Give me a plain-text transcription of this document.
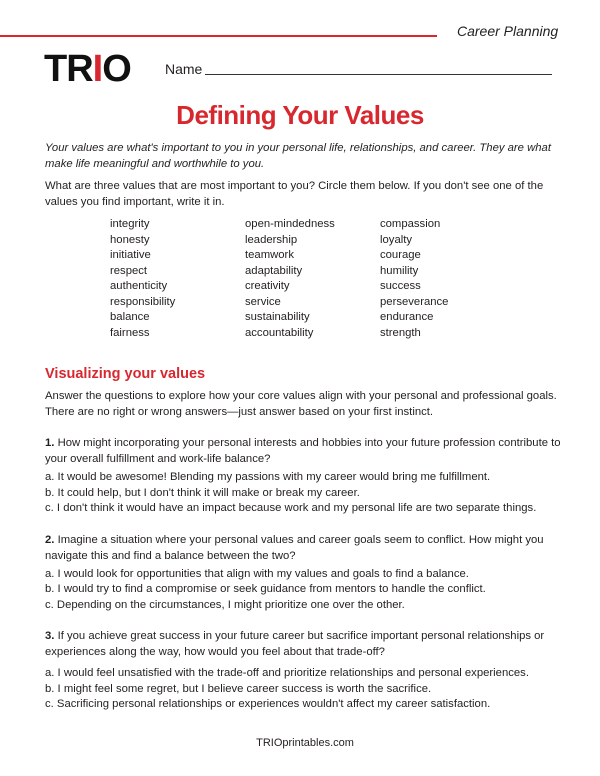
Career Planning
TRIO Name
Defining Your Values
Your values are what's important to you in your personal life, relationships, and career. They are what make life meaningful and worthwhile to you.
What are three values that are most important to you? Circle them below. If you don't see one of the values you find important, write it in.
integrity
honesty
initiative
respect
authenticity
responsibility
balance
fairness
open-mindedness
leadership
teamwork
adaptability
creativity
service
sustainability
accountability
compassion
loyalty
courage
humility
success
perseverance
endurance
strength
Visualizing your values
Answer the questions to explore how your core values align with your personal and professional goals. There are no right or wrong answers—just answer based on your first instinct.
1. How might incorporating your personal interests and hobbies into your future profession contribute to your overall fulfillment and work-life balance?
a. It would be awesome! Blending my passions with my career would bring me fulfillment.
b. It could help, but I don't think it will make or break my career.
c. I don't think it would have an impact because work and my personal life are two separate things.
2. Imagine a situation where your personal values and career goals seem to conflict. How might you navigate this and find a balance between the two?
a. I would look for opportunities that align with my values and goals to find a balance.
b. I would try to find a compromise or seek guidance from mentors to handle the conflict.
c. Depending on the circumstances, I might prioritize one over the other.
3. If you achieve great success in your future career but sacrifice important personal relationships or experiences along the way, how would you feel about that trade-off?
a. I would feel unsatisfied with the trade-off and prioritize relationships and personal experiences.
b. I might feel some regret, but I believe career success is worth the sacrifice.
c. Sacrificing personal relationships or experiences wouldn't affect my career satisfaction.
TRIOprintables.com
